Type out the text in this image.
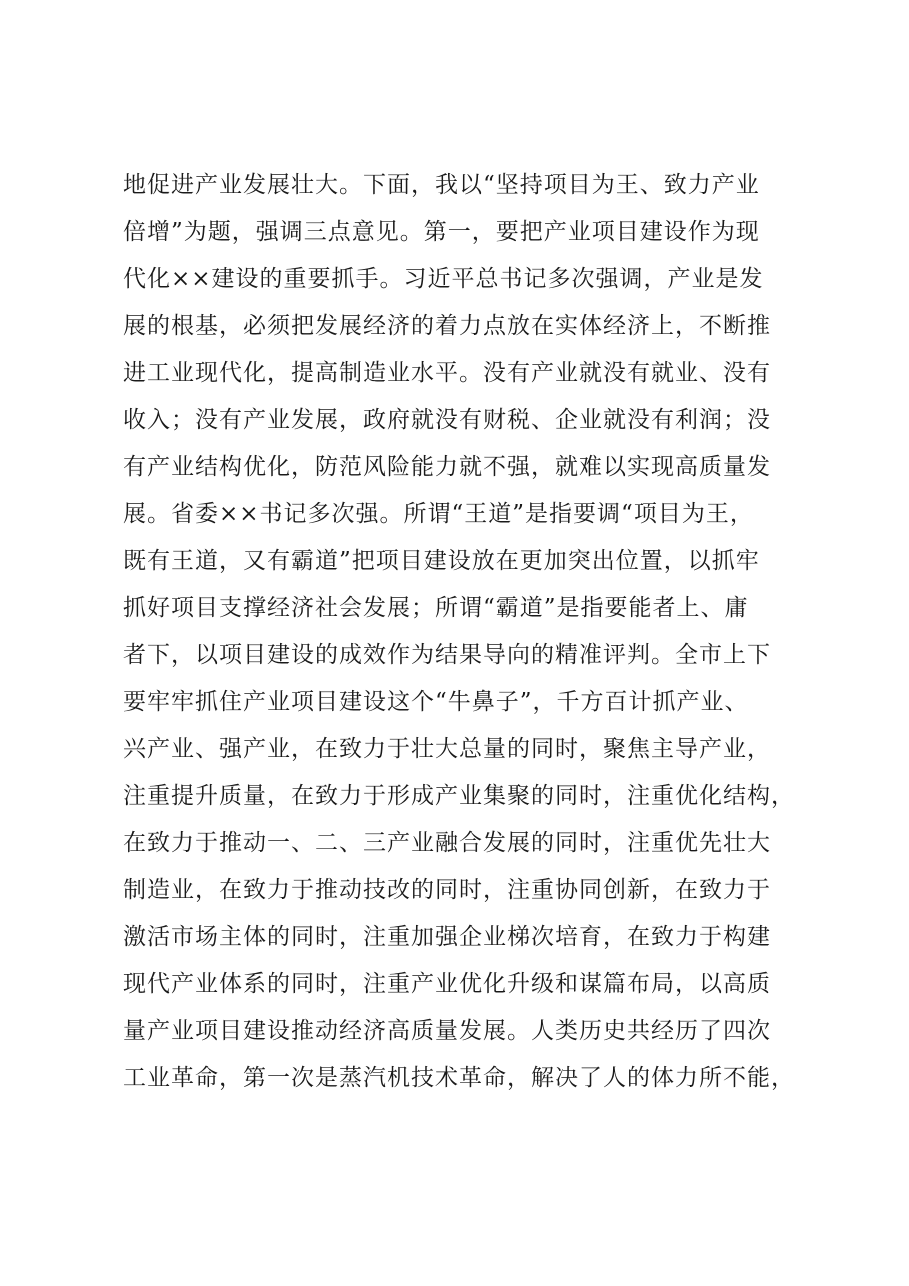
地促进产业发展壮大。下面，我以“坚持项目为王、致力产业
倍增”为题，强调三点意见。第一，要把产业项目建设作为现
代化××建设的重要抓手。习近平总书记多次强调，产业是发
展的根基，必须把发展经济的着力点放在实体经济上，不断推
进工业现代化，提高制造业水平。没有产业就没有就业、没有
收入；没有产业发展，政府就没有财税、企业就没有利润；没
有产业结构优化，防范风险能力就不强，就难以实现高质量发
展。省委××书记多次强。所谓“王道”是指要调“项目为王，
既有王道，又有霸道”把项目建设放在更加突出位置，以抓牢
抓好项目支撑经济社会发展；所谓“霸道”是指要能者上、庸
者下，以项目建设的成效作为结果导向的精准评判。全市上下
要牢牢抓住产业项目建设这个“牛鼻子”，千方百计抓产业、
兴产业、强产业，在致力于壮大总量的同时，聚焦主导产业，
注重提升质量，在致力于形成产业集聚的同时，注重优化结构，
在致力于推动一、二、三产业融合发展的同时，注重优先壮大
制造业，在致力于推动技改的同时，注重协同创新，在致力于
激活市场主体的同时，注重加强企业梯次培育，在致力于构建
现代产业体系的同时，注重产业优化升级和谋篇布局，以高质
量产业项目建设推动经济高质量发展。人类历史共经历了四次
工业革命，第一次是蒸汽机技术革命，解决了人的体力所不能，
